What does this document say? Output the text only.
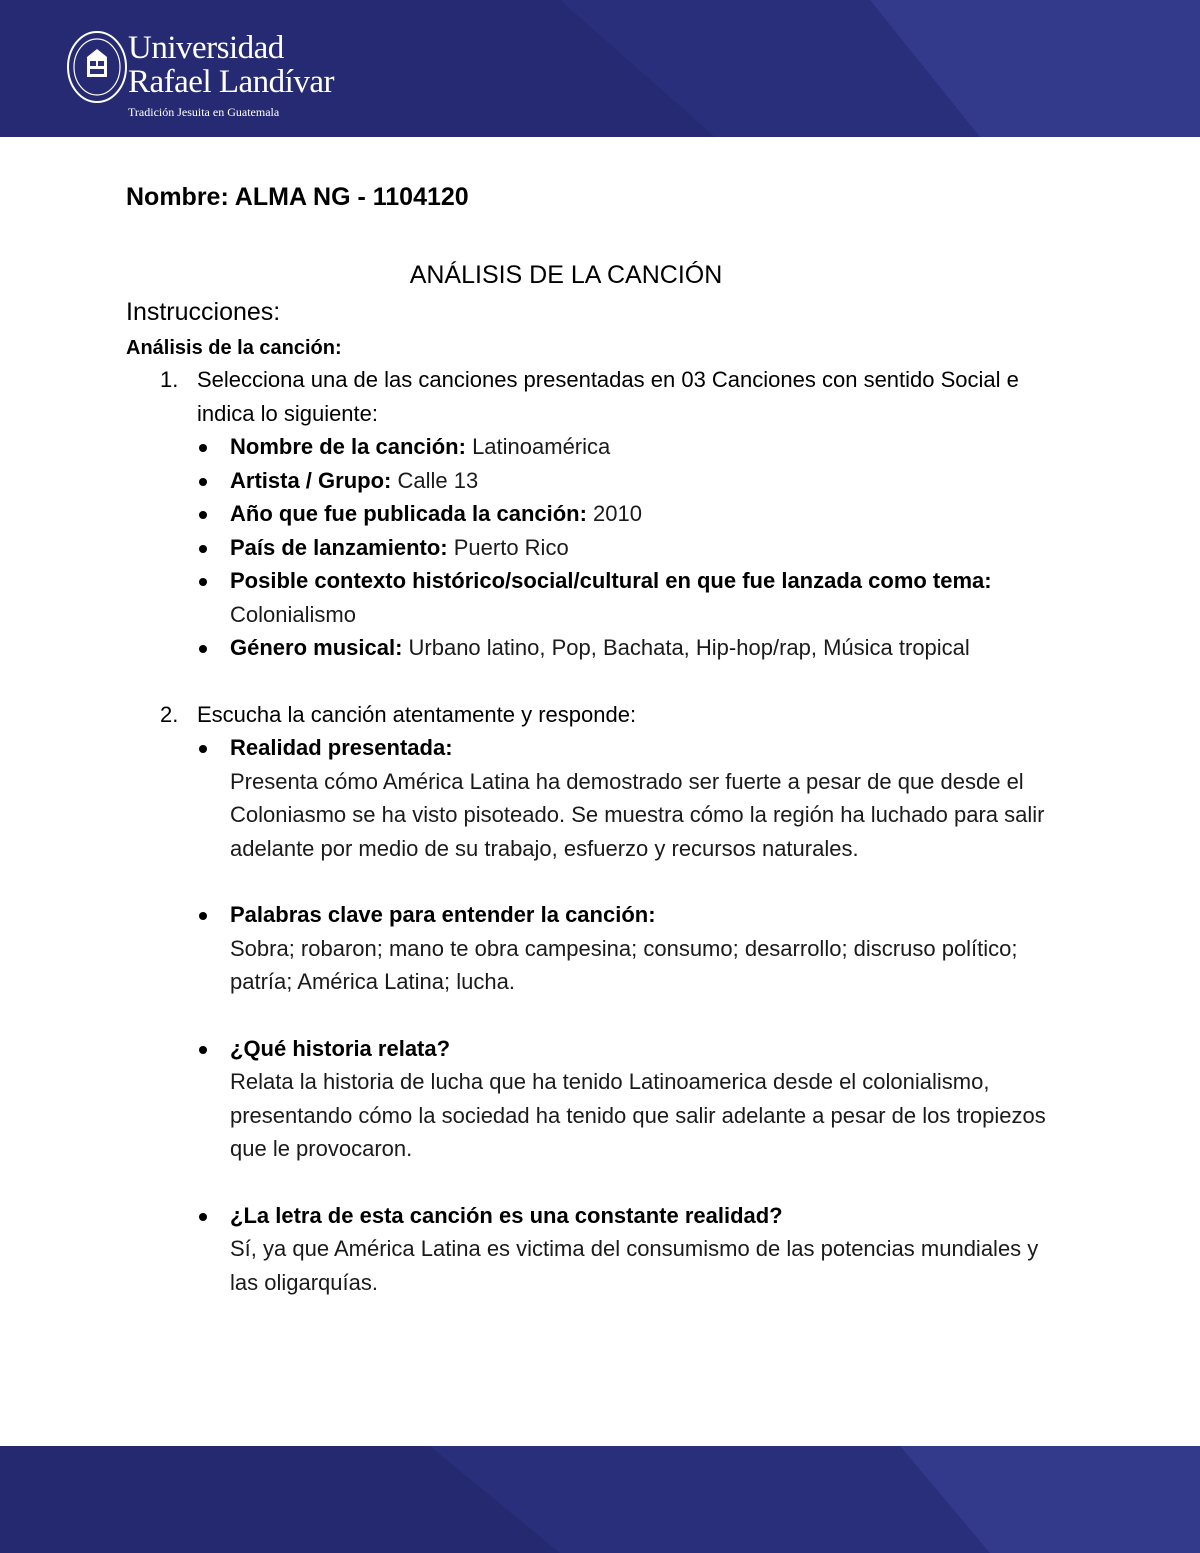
Universidad
Rafael Landívar
Tradición Jesuita en Guatemala
Nombre: ALMA NG - 1104120
ANÁLISIS DE LA CANCIÓN
Instrucciones:
Análisis de la canción:
1. Selecciona una de las canciones presentadas en 03 Canciones con sentido Social e indica lo siguiente:
Nombre de la canción: Latinoamérica
Artista / Grupo: Calle 13
Año que fue publicada la canción: 2010
País de lanzamiento: Puerto Rico
Posible contexto histórico/social/cultural en que fue lanzada como tema: Colonialismo
Género musical: Urbano latino, Pop, Bachata, Hip-hop/rap, Música tropical
2. Escucha la canción atentamente y responde:
Realidad presentada:
Presenta cómo América Latina ha demostrado ser fuerte a pesar de que desde el Coloniasmo se ha visto pisoteado. Se muestra cómo la región ha luchado para salir adelante por medio de su trabajo, esfuerzo y recursos naturales.
Palabras clave para entender la canción:
Sobra; robaron; mano te obra campesina; consumo; desarrollo; discruso político; patría; América Latina; lucha.
¿Qué historia relata?
Relata la historia de lucha que ha tenido Latinoamerica desde el colonialismo, presentando cómo la sociedad ha tenido que salir adelante a pesar de los tropiezos que le provocaron.
¿La letra de esta canción es una constante realidad?
Sí, ya que América Latina es victima del consumismo de las potencias mundiales y las oligarquías.
